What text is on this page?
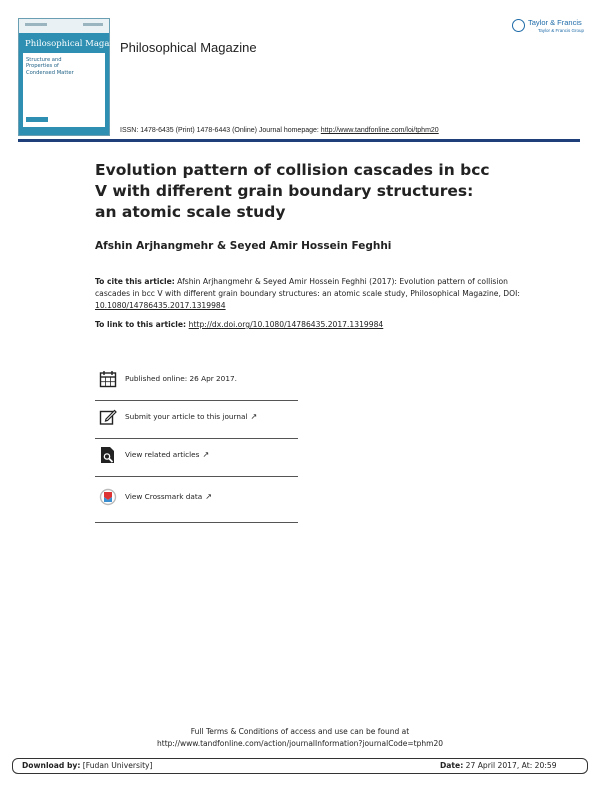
Philosophical Magazine
Structure and
Properties of
Condensed Matter
Philosophical Magazine
Taylor & Francis
Taylor & Francis Group
ISSN: 1478-6435 (Print) 1478-6443 (Online) Journal homepage: http://www.tandfonline.com/loi/tphm20
Evolution pattern of collision cascades in bcc V with different grain boundary structures: an atomic scale study
Afshin Arjhangmehr & Seyed Amir Hossein Feghhi
To cite this article: Afshin Arjhangmehr & Seyed Amir Hossein Feghhi (2017): Evolution pattern of collision cascades in bcc V with different grain boundary structures: an atomic scale study, Philosophical Magazine, DOI: 10.1080/14786435.2017.1319984
To link to this article: http://dx.doi.org/10.1080/14786435.2017.1319984
Published online: 26 Apr 2017.
Submit your article to this journal ↗
View related articles ↗
View Crossmark data ↗
Full Terms & Conditions of access and use can be found at
http://www.tandfonline.com/action/journalInformation?journalCode=tphm20
Download by: [Fudan University]	Date: 27 April 2017, At: 20:59
